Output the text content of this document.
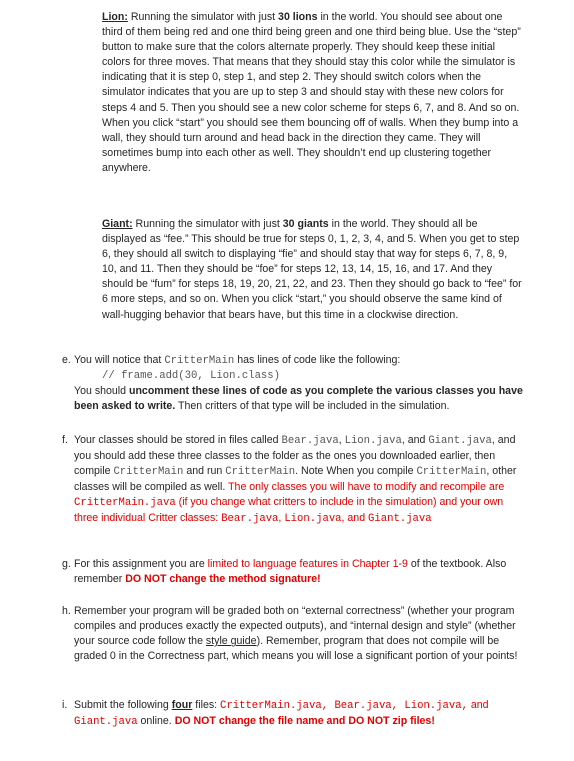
Lion: Running the simulator with just 30 lions in the world. You should see about one third of them being red and one third being green and one third being blue. Use the “step” button to make sure that the colors alternate properly. They should keep these initial colors for three moves. That means that they should stay this color while the simulator is indicating that it is step 0, step 1, and step 2. They should switch colors when the simulator indicates that you are up to step 3 and should stay with these new colors for steps 4 and 5. Then you should see a new color scheme for steps 6, 7, and 8. And so on. When you click “start” you should see them bouncing off of walls. When they bump into a wall, they should turn around and head back in the direction they came. They will sometimes bump into each other as well. They shouldn’t end up clustering together anywhere.

Giant: Running the simulator with just 30 giants in the world. They should all be displayed as “fee.” This should be true for steps 0, 1, 2, 3, 4, and 5. When you get to step 6, they should all switch to displaying “fie” and should stay that way for steps 6, 7, 8, 9, 10, and 11. Then they should be “foe” for steps 12, 13, 14, 15, 16, and 17. And they should be “fum” for steps 18, 19, 20, 21, 22, and 23. Then they should go back to “fee” for 6 more steps, and so on. When you click “start,” you should observe the same kind of wall-hugging behavior that bears have, but this time in a clockwise direction.

e. You will notice that CritterMain has lines of code like the following:
// frame.add(30, Lion.class)
You should uncomment these lines of code as you complete the various classes you have been asked to write. Then critters of that type will be included in the simulation.
f. Your classes should be stored in files called Bear.java, Lion.java, and Giant.java, and you should add these three classes to the folder as the ones you downloaded earlier, then compile CritterMain and run CritterMain. Note When you compile CritterMain, other classes will be compiled as well. The only classes you will have to modify and recompile are CritterMain.java (if you change what critters to include in the simulation) and your own three individual Critter classes: Bear.java, Lion.java, and Giant.java
g. For this assignment you are limited to language features in Chapter 1-9 of the textbook. Also remember DO NOT change the method signature!
h. Remember your program will be graded both on “external correctness” (whether your program compiles and produces exactly the expected outputs), and “internal design and style” (whether your source code follow the style guide). Remember, program that does not compile will be graded 0 in the Correctness part, which means you will lose a significant portion of your points!
i. Submit the following four files: CritterMain.java, Bear.java, Lion.java, and Giant.java online. DO NOT change the file name and DO NOT zip files!
